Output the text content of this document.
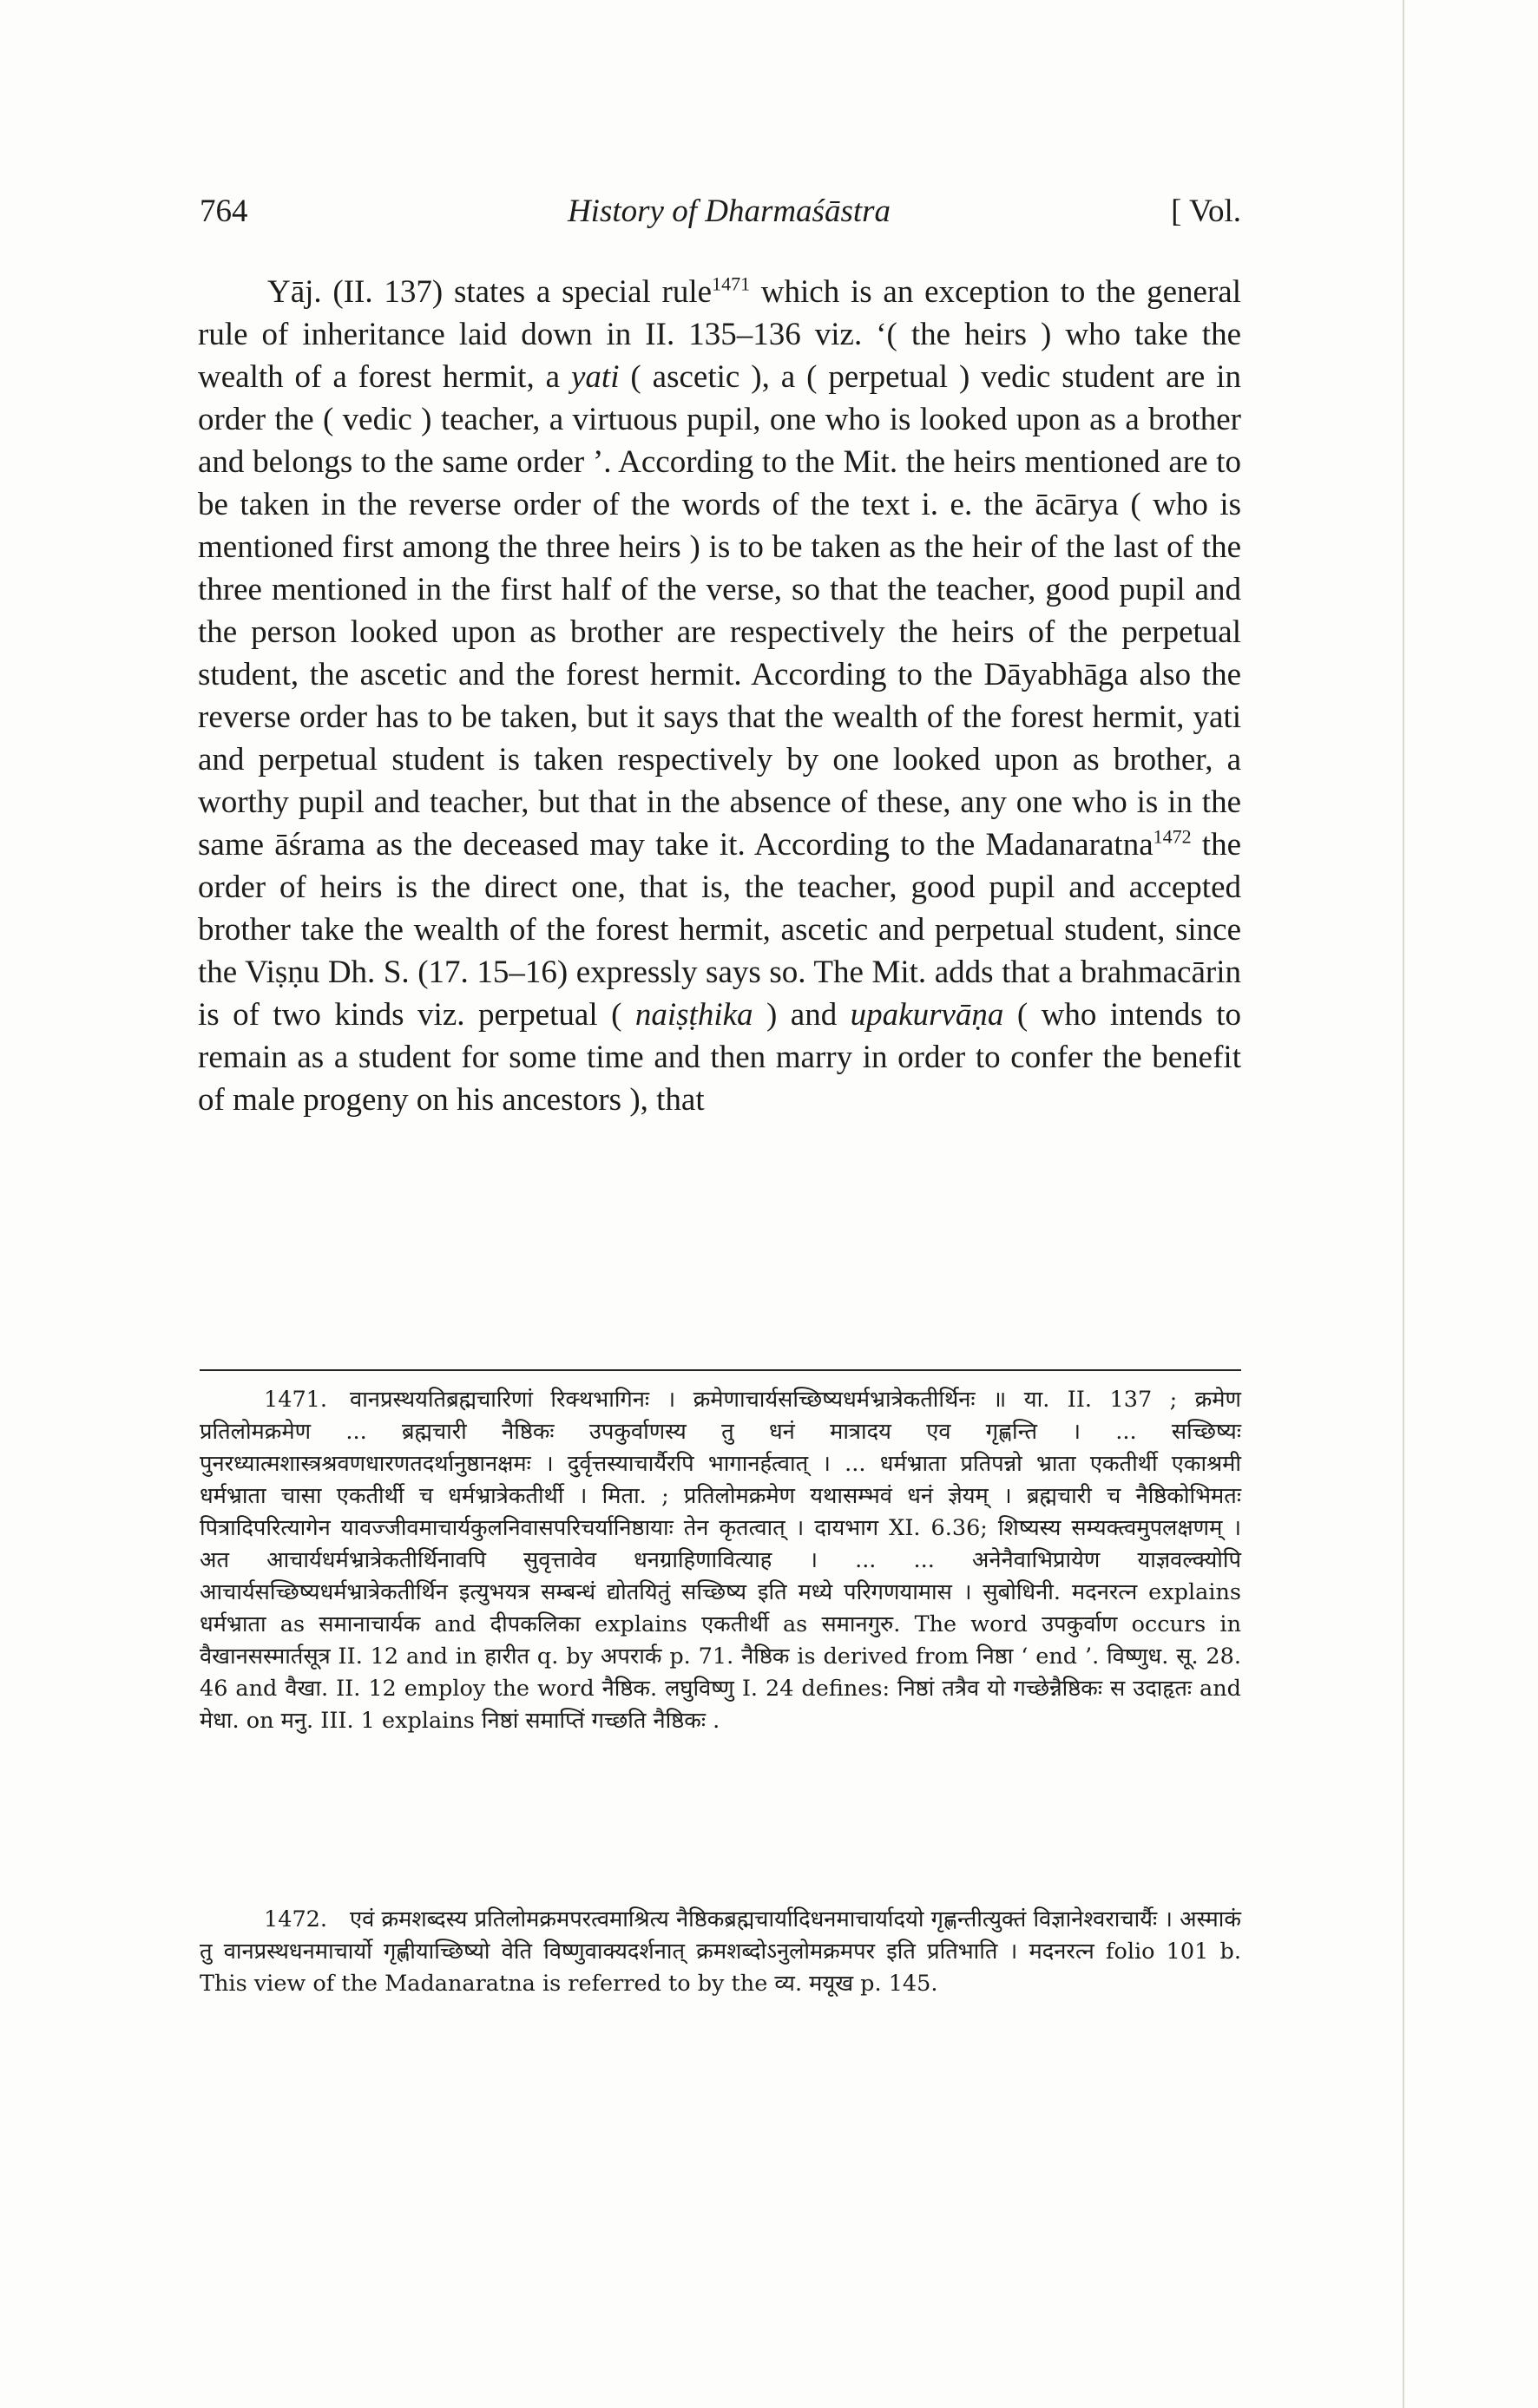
764	History of Dharmaśāstra	[ Vol.

Yāj. (II. 137) states a special rule$^{1471}$ which is an exception to the general rule of inheritance laid down in II. 135–136 viz. ‘( the heirs ) who take the wealth of a forest hermit, a yati ( ascetic ), a ( perpetual ) vedic student are in order the ( vedic ) teacher, a virtuous pupil, one who is looked upon as a brother and belongs to the same order ’. According to the Mit. the heirs mentioned are to be taken in the reverse order of the words of the text i. e. the ācārya ( who is mentioned first among the three heirs ) is to be taken as the heir of the last of the three mentioned in the first half of the verse, so that the teacher, good pupil and the person looked upon as brother are respectively the heirs of the perpetual student, the ascetic and the forest hermit. According to the Dāyabhāga also the reverse order has to be taken, but it says that the wealth of the forest hermit, yati and perpetual student is taken respectively by one looked upon as brother, a worthy pupil and teacher, but that in the absence of these, any one who is in the same āśrama as the deceased may take it. According to the Madanaratna$^{1472}$ the order of heirs is the direct one, that is, the teacher, good pupil and accepted brother take the wealth of the forest hermit, ascetic and perpetual student, since the Viṣṇu Dh. S. (17. 15–16) expressly says so. The Mit. adds that a brahmacārin is of two kinds viz. perpetual ( naiṣṭhika ) and upakurvāṇa ( who intends to remain as a student for some time and then marry in order to confer the benefit of male progeny on his ancestors ), that

1471. वानप्रस्थयतिब्रह्मचारिणां रिक्थभागिनः । क्रमेणाचार्यसच्छिष्यधर्मभ्रात्रेकतीर्थिनः ॥ या. II. 137 ; क्रमेण प्रतिलोमक्रमेण ... ब्रह्मचारी नैष्ठिकः उपकुर्वाणस्य तु धनं मात्रादय एव गृह्णन्ति । ... सच्छिष्यः पुनरध्यात्मशास्त्रश्रवणधारणतदर्थानुष्ठानक्षमः । दुर्वृत्तस्याचार्यैरपि भागानर्हत्वात् । ... धर्मभ्राता प्रतिपन्नो भ्राता एकतीर्थी एकाश्रमी धर्मभ्राता चासा एकतीर्थी च धर्मभ्रात्रेकतीर्थी । मिता. ; प्रतिलोमक्रमेण यथासम्भवं धनं ज्ञेयम् । ब्रह्मचारी च नैष्ठिकोभिमतः पित्रादिपरित्यागेन यावज्जीवमाचार्यकुलनिवासपरिचर्यानिष्ठायाः तेन कृतत्वात् । दायभाग XI. 6.36; शिष्यस्य सम्यक्त्वमुपलक्षणम् । अत आचार्यधर्मभ्रात्रेकतीर्थिनावपि सुवृत्तावेव धनग्राहिणावित्याह । ... ... अनेनैवाभिप्रायेण याज्ञवल्क्योपि आचार्यसच्छिष्यधर्मभ्रात्रेकतीर्थिन इत्युभयत्र सम्बन्धं द्योतयितुं सच्छिष्य इति मध्ये परिगणयामास । सुबोधिनी. मदनरत्न explains धर्मभ्राता as समानाचार्यक and दीपकलिका explains एकतीर्थी as समानगुरु. The word उपकुर्वाण occurs in वैखानसस्मार्तसूत्र II. 12 and in हारीत q. by अपरार्क p. 71. नैष्ठिक is derived from निष्ठा ‘ end ’. विष्णुध. सू. 28. 46 and वैखा. II. 12 employ the word नैष्ठिक. लघुविष्णु I. 24 defines: निष्ठां तत्रैव यो गच्छेन्नैष्ठिकः स उदाहृतः and मेधा. on मनु. III. 1 explains निष्ठां समाप्तिं गच्छति नैष्ठिकः .

1472. एवं क्रमशब्दस्य प्रतिलोमक्रमपरत्वमाश्रित्य नैष्ठिकब्रह्मचार्यादिधनमाचार्यादयो गृह्णन्तीत्युक्तं विज्ञानेश्वराचार्यैः । अस्माकं तु वानप्रस्थधनमाचार्यो गृह्णीयाच्छिष्यो वेति विष्णुवाक्यदर्शनात् क्रमशब्दोऽनुलोमक्रमपर इति प्रतिभाति । मदनरत्न folio 101 b. This view of the Madanaratna is referred to by the व्य. मयूख p. 145.
